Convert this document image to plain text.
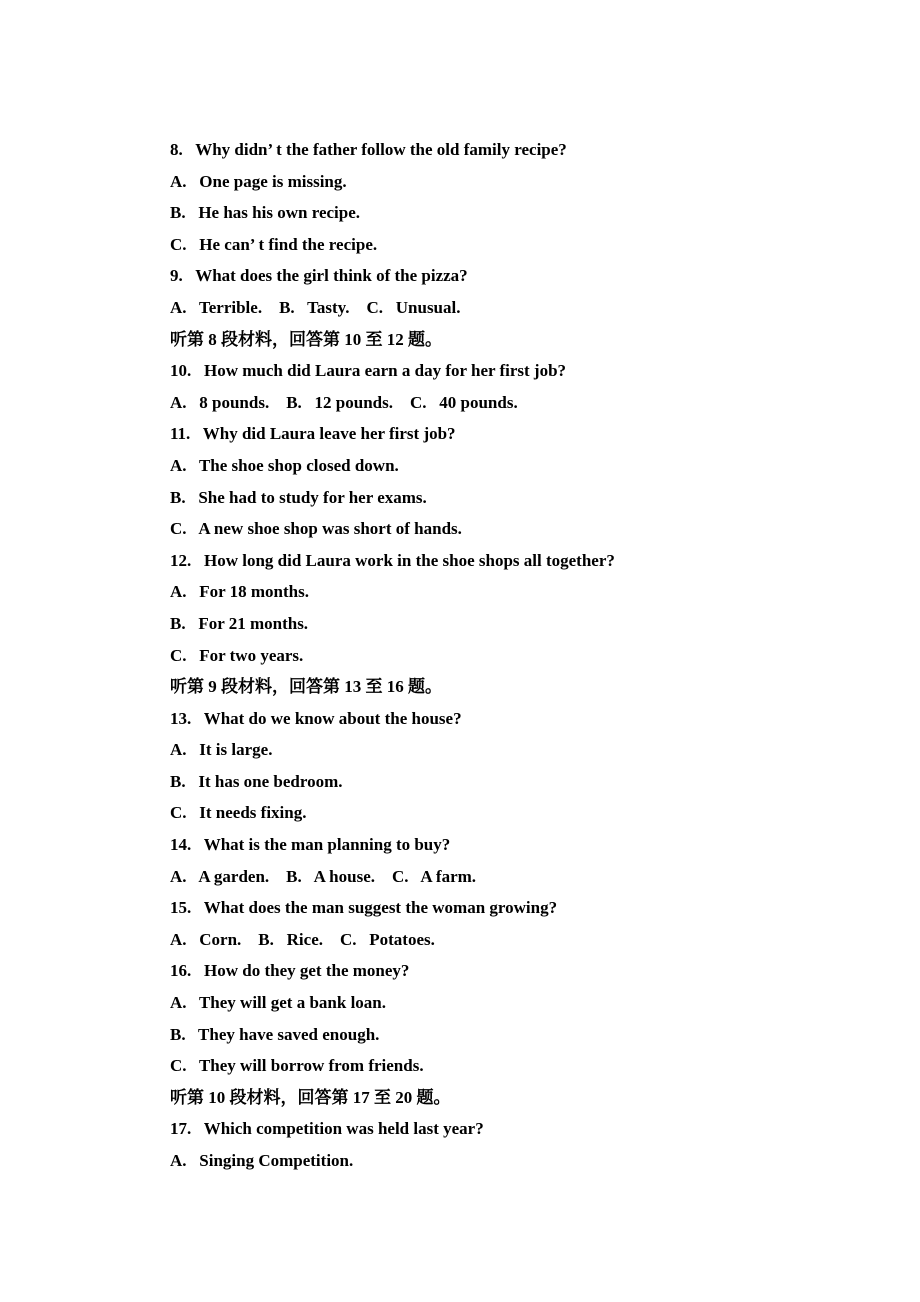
8.   Why didn’ t the father follow the old family recipe?
A.   One page is missing.
B.   He has his own recipe.
C.   He can’ t find the recipe.
9.   What does the girl think of the pizza?
A.   Terrible.    B.   Tasty.    C.   Unusual.
听第 8 段材料，回答第 10 至 12 题。
10.   How much did Laura earn a day for her first job?
A.   8 pounds.    B.   12 pounds.    C.   40 pounds.
11.   Why did Laura leave her first job?
A.   The shoe shop closed down.
B.   She had to study for her exams.
C.   A new shoe shop was short of hands.
12.   How long did Laura work in the shoe shops all together?
A.   For 18 months.
B.   For 21 months.
C.   For two years.
听第 9 段材料，回答第 13 至 16 题。
13.   What do we know about the house?
A.   It is large.
B.   It has one bedroom.
C.   It needs fixing.
14.   What is the man planning to buy?
A.   A garden.    B.   A house.    C.   A farm.
15.   What does the man suggest the woman growing?
A.   Corn.    B.   Rice.    C.   Potatoes.
16.   How do they get the money?
A.   They will get a bank loan.
B.   They have saved enough.
C.   They will borrow from friends.
听第 10 段材料，回答第 17 至 20 题。
17.   Which competition was held last year?
A.   Singing Competition.
